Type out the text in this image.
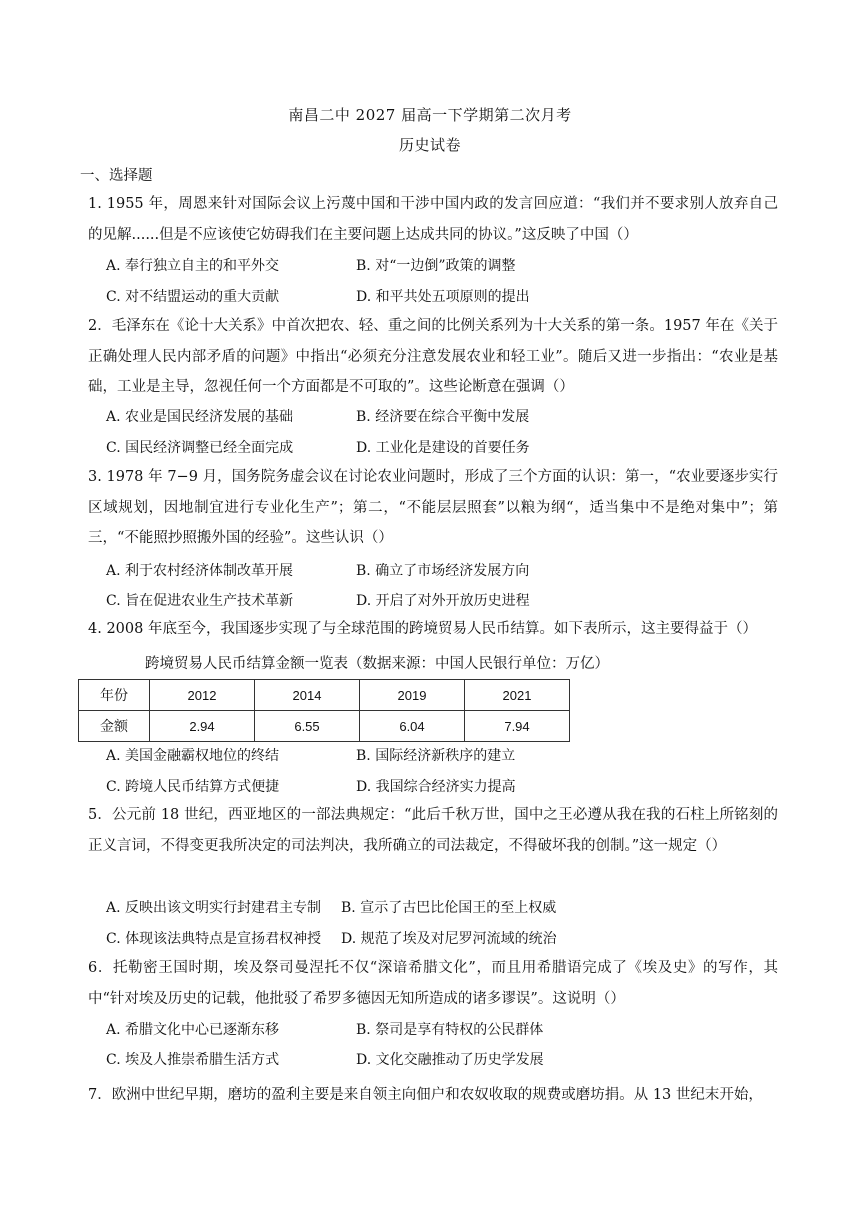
南昌二中 2027 届高一下学期第二次月考
历史试卷
一、选择题
1. 1955 年，周恩来针对国际会议上污蔑中国和干涉中国内政的发言回应道：“我们并不要求别人放弃自己的见解......但是不应该使它妨碍我们在主要问题上达成共同的协议。”这反映了中国（）
A. 奉行独立自主的和平外交	B. 对“一边倒”政策的调整
C. 对不结盟运动的重大贡献	D. 和平共处五项原则的提出
2．毛泽东在《论十大关系》中首次把农、轻、重之间的比例关系列为十大关系的第一条。1957 年在《关于正确处理人民内部矛盾的问题》中指出“必须充分注意发展农业和轻工业”。随后又进一步指出：“农业是基础，工业是主导，忽视任何一个方面都是不可取的”。这些论断意在强调（）
A. 农业是国民经济发展的基础	B. 经济要在综合平衡中发展
C. 国民经济调整已经全面完成	D. 工业化是建设的首要任务
3. 1978 年 7−9 月，国务院务虚会议在讨论农业问题时，形成了三个方面的认识：第一，“农业要逐步实行区域规划，因地制宜进行专业化生产”；第二，“不能层层照套”以粮为纲“，适当集中不是绝对集中”；第三，“不能照抄照搬外国的经验”。这些认识（）
A. 利于农村经济体制改革开展	B. 确立了市场经济发展方向
C. 旨在促进农业生产技术革新	D. 开启了对外开放历史进程
4. 2008 年底至今，我国逐步实现了与全球范围的跨境贸易人民币结算。如下表所示，这主要得益于（）
跨境贸易人民币结算金额一览表（数据来源：中国人民银行单位：万亿）
年份	2012	2014	2019	2021
金额	2.94	6.55	6.04	7.94
A. 美国金融霸权地位的终结	B. 国际经济新秩序的建立
C. 跨境人民币结算方式便捷	D. 我国综合经济实力提高
5．公元前 18 世纪，西亚地区的一部法典规定：“此后千秋万世，国中之王必遵从我在我的石柱上所铭刻的正义言词，不得变更我所决定的司法判决，我所确立的司法裁定，不得破坏我的创制。”这一规定（）
A. 反映出该文明实行封建君主专制 B. 宣示了古巴比伦国王的至上权威
C. 体现该法典特点是宣扬君权神授 D. 规范了埃及对尼罗河流域的统治
6．托勒密王国时期，埃及祭司曼涅托不仅“深谙希腊文化”，而且用希腊语完成了《埃及史》的写作，其中“针对埃及历史的记载，他批驳了希罗多德因无知所造成的诸多谬误”。这说明（）
A. 希腊文化中心已逐渐东移	B. 祭司是享有特权的公民群体
C. 埃及人推崇希腊生活方式	D. 文化交融推动了历史学发展
7．欧洲中世纪早期，磨坊的盈利主要是来自领主向佃户和农奴收取的规费或磨坊捐。从 13 世纪末开始，
